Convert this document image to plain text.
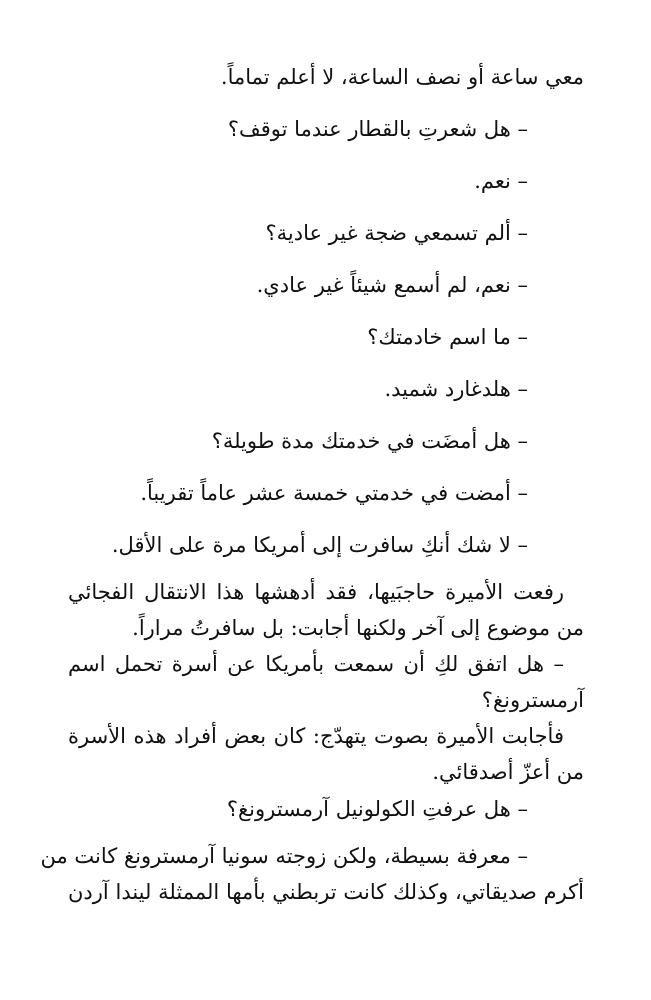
معي ساعة أو نصف الساعة، لا أعلم تماماً.

– هل شعرتِ بالقطار عندما توقف؟

– نعم.

– ألم تسمعي ضجة غير عادية؟

– نعم، لم أسمع شيئاً غير عادي.

– ما اسم خادمتك؟

– هلدغارد شميد.

– هل أمضَت في خدمتك مدة طويلة؟

– أمضت في خدمتي خمسة عشر عاماً تقريباً.

– لا شك أنكِ سافرت إلى أمريكا مرة على الأقل.

رفعت الأميرة حاجبَيها، فقد أدهشها هذا الانتقال الفجائي

من موضوع إلى آخر ولكنها أجابت: بل سافرتُ مراراً.

– هل اتفق لكِ أن سمعت بأمريكا عن أسرة تحمل اسم

آرمسترونغ؟

فأجابت الأميرة بصوت يتهدّج: كان بعض أفراد هذه الأسرة

من أعزّ أصدقائي.

– هل عرفتِ الكولونيل آرمسترونغ؟

– معرفة بسيطة، ولكن زوجته سونيا آرمسترونغ كانت من

أكرم صديقاتي، وكذلك كانت تربطني بأمها الممثلة ليندا آردن
